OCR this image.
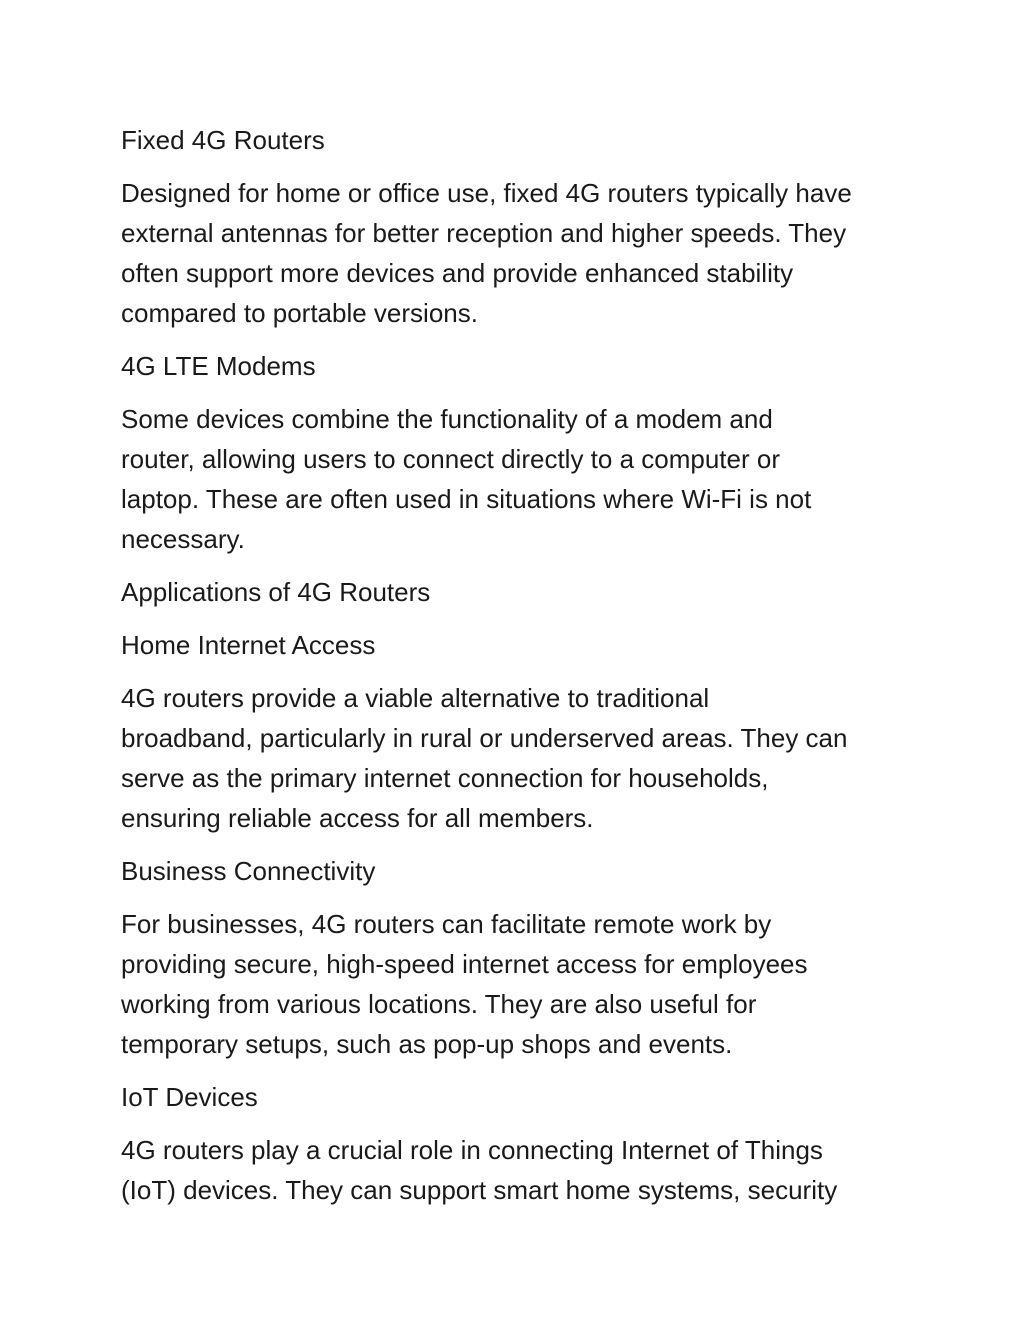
Fixed 4G Routers

Designed for home or office use, fixed 4G routers typically have
external antennas for better reception and higher speeds. They
often support more devices and provide enhanced stability
compared to portable versions.

4G LTE Modems

Some devices combine the functionality of a modem and
router, allowing users to connect directly to a computer or
laptop. These are often used in situations where Wi-Fi is not
necessary.

Applications of 4G Routers

Home Internet Access

4G routers provide a viable alternative to traditional
broadband, particularly in rural or underserved areas. They can
serve as the primary internet connection for households,
ensuring reliable access for all members.

Business Connectivity

For businesses, 4G routers can facilitate remote work by
providing secure, high-speed internet access for employees
working from various locations. They are also useful for
temporary setups, such as pop-up shops and events.

IoT Devices

4G routers play a crucial role in connecting Internet of Things
(IoT) devices. They can support smart home systems, security
